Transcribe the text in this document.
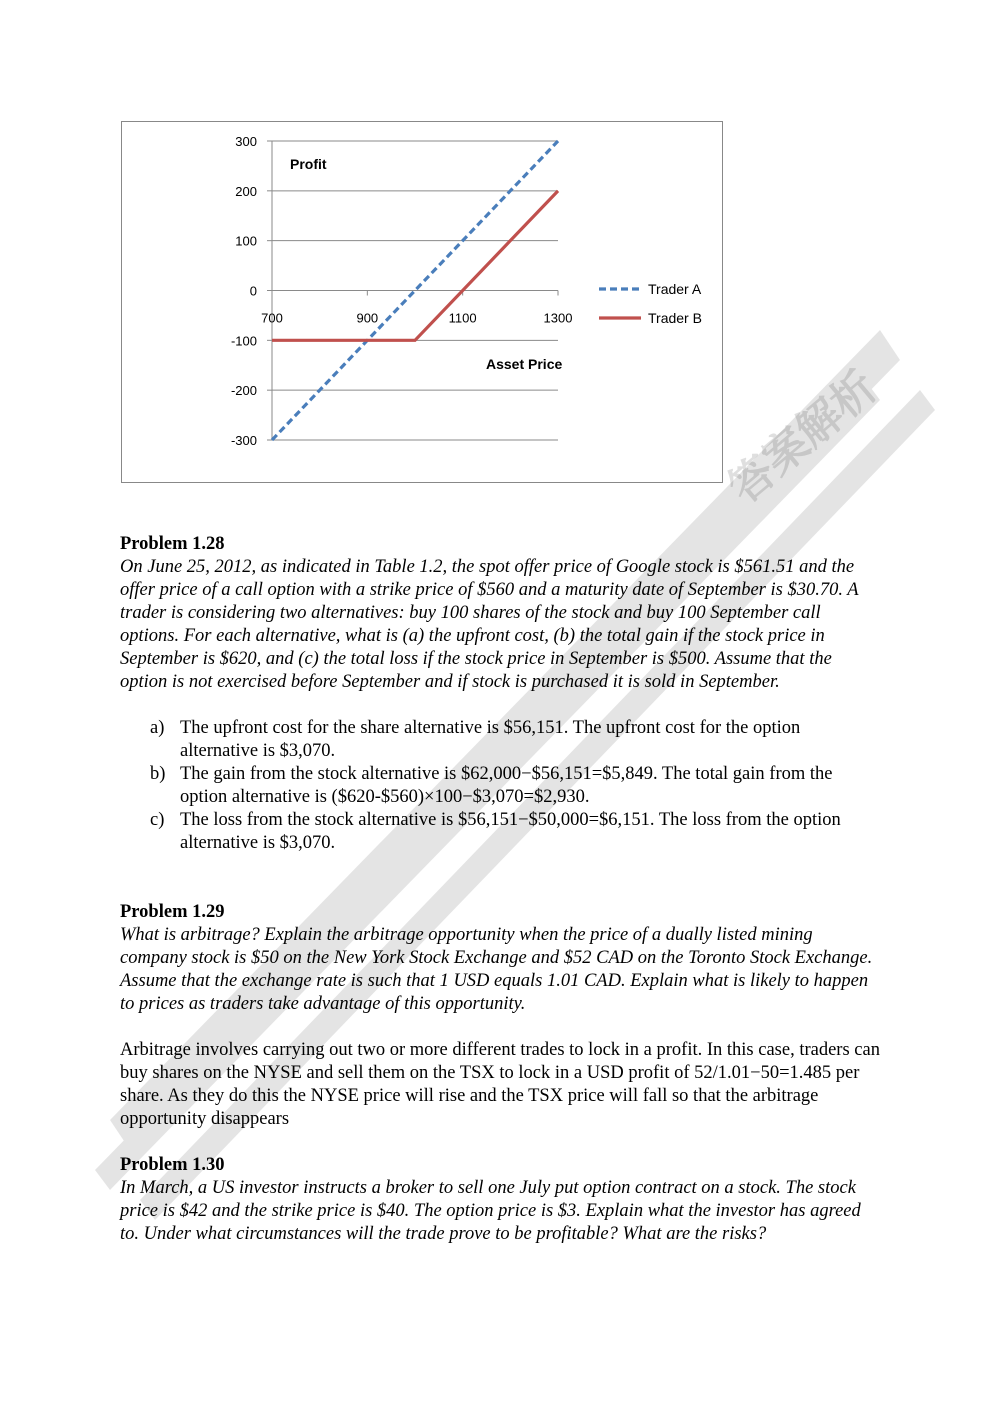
300
200
100
0
-100
-200
-300
700	900	1100	1300
Profit
Asset Price
Trader A
Trader B

Problem 1.28

On June 25, 2012, as indicated in Table 1.2, the spot offer price of Google stock is $561.51 and the offer price of a call option with a strike price of $560 and a maturity date of September is $30.70. A trader is considering two alternatives: buy 100 shares of the stock and buy 100 September call options. For each alternative, what is (a) the upfront cost, (b) the total gain if the stock price in September is $620, and (c) the total loss if the stock price in September is $500. Assume that the option is not exercised before September and if stock is purchased it is sold in September.

a) The upfront cost for the share alternative is $56,151. The upfront cost for the option alternative is $3,070.
b) The gain from the stock alternative is $62,000−$56,151=$5,849. The total gain from the option alternative is ($620-$560)×100−$3,070=$2,930.
c) The loss from the stock alternative is $56,151−$50,000=$6,151. The loss from the option alternative is $3,070.

Problem 1.29

What is arbitrage? Explain the arbitrage opportunity when the price of a dually listed mining company stock is $50 on the New York Stock Exchange and $52 CAD on the Toronto Stock Exchange. Assume that the exchange rate is such that 1 USD equals 1.01 CAD. Explain what is likely to happen to prices as traders take advantage of this opportunity.

Arbitrage involves carrying out two or more different trades to lock in a profit. In this case, traders can buy shares on the NYSE and sell them on the TSX to lock in a USD profit of 52/1.01−50=1.485 per share. As they do this the NYSE price will rise and the TSX price will fall so that the arbitrage opportunity disappears

Problem 1.30

In March, a US investor instructs a broker to sell one July put option contract on a stock. The stock price is $42 and the strike price is $40. The option price is $3. Explain what the investor has agreed to. Under what circumstances will the trade prove to be profitable? What are the risks?

答案解析
